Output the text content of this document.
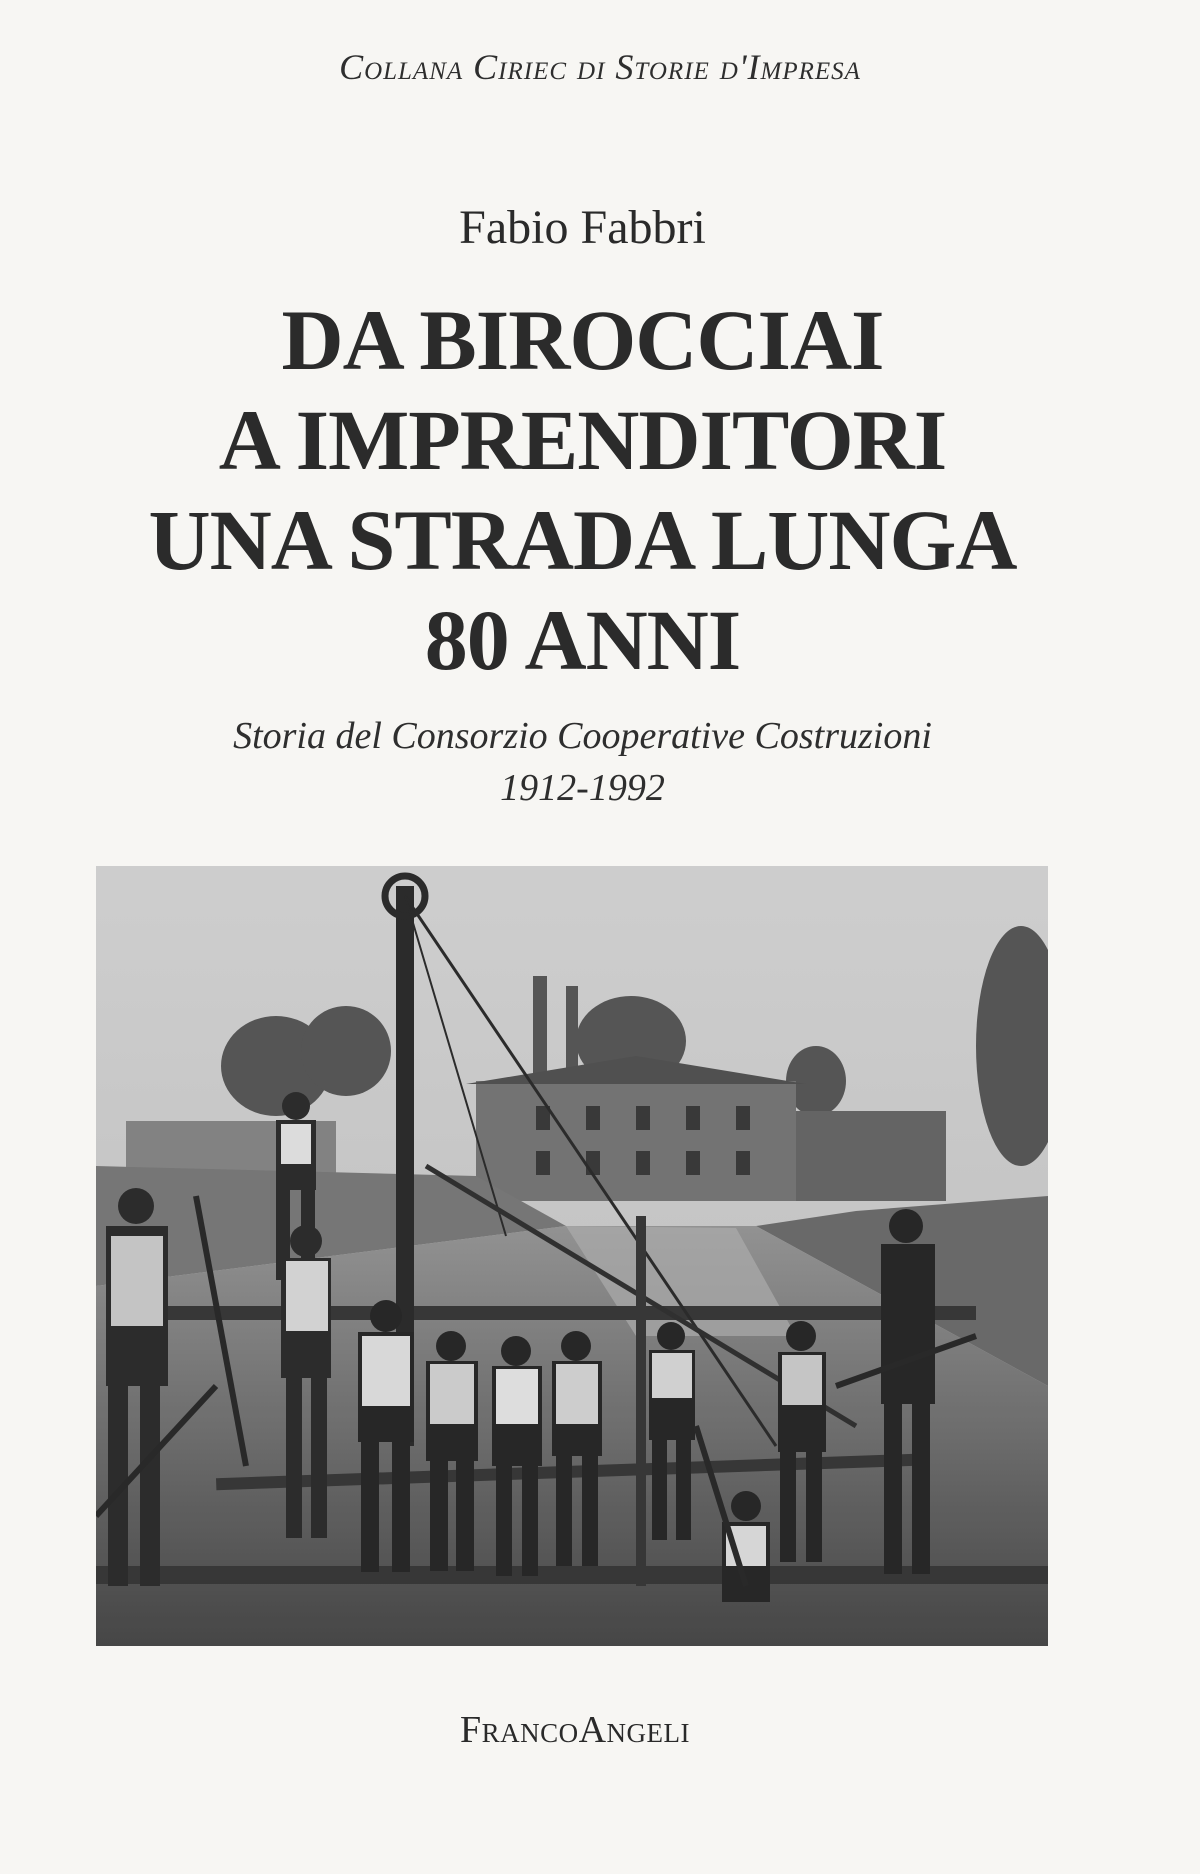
Collana Ciriec di Storie d'Impresa
Fabio Fabbri
DA BIROCCIAI
A IMPRENDITORI
UNA STRADA LUNGA
80 ANNI
Storia del Consorzio Cooperative Costruzioni
1912-1992
FrancoAngeli
